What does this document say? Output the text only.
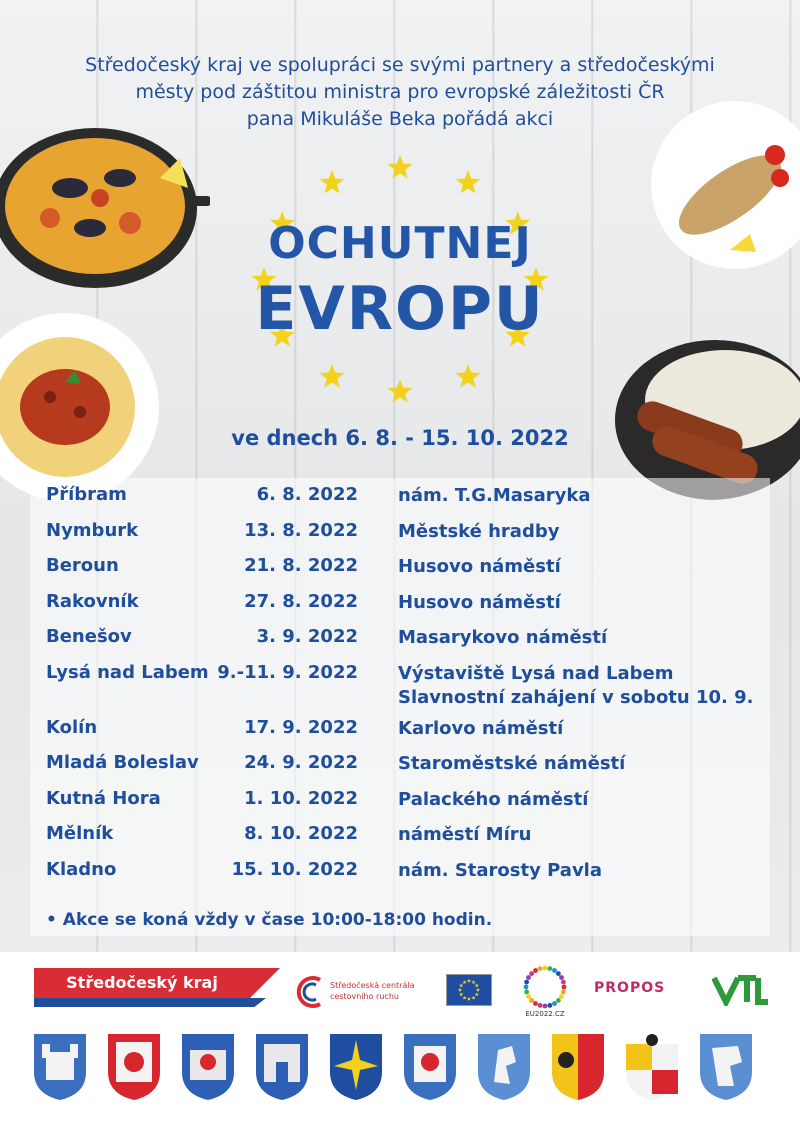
Středočeský kraj ve spolupráci se svými partnery a středočeskými
městy pod záštitou ministra pro evropské záležitosti ČR
pana Mikuláše Beka pořádá akci
OCHUTNEJ
EVROPU
ve dnech 6. 8. - 15. 10. 2022
Příbram	6. 8. 2022 nám. T.G.Masaryka
Nymburk	13. 8. 2022 Městské hradby
Beroun	21. 8. 2022 Husovo náměstí
Rakovník	27. 8. 2022 Husovo náměstí
Benešov	3. 9. 2022 Masarykovo náměstí
Lysá nad Labem 9.-11. 9. 2022 Výstaviště Lysá nad Labem
Slavnostní zahájení v sobotu 10. 9.
Kolín	17. 9. 2022 Karlovo náměstí
Mladá Boleslav	24. 9. 2022 Staroměstské náměstí
Kutná Hora	1. 10. 2022 Palackého náměstí
Mělník	8. 10. 2022 náměstí Míru
Kladno	15. 10. 2022 nám. Starosty Pavla
• Akce se koná vždy v čase 10:00-18:00 hodin.
Středočeský kraj	Středočeská centrála
cestovního ruchu
EU2022.CZ
PROPOS
